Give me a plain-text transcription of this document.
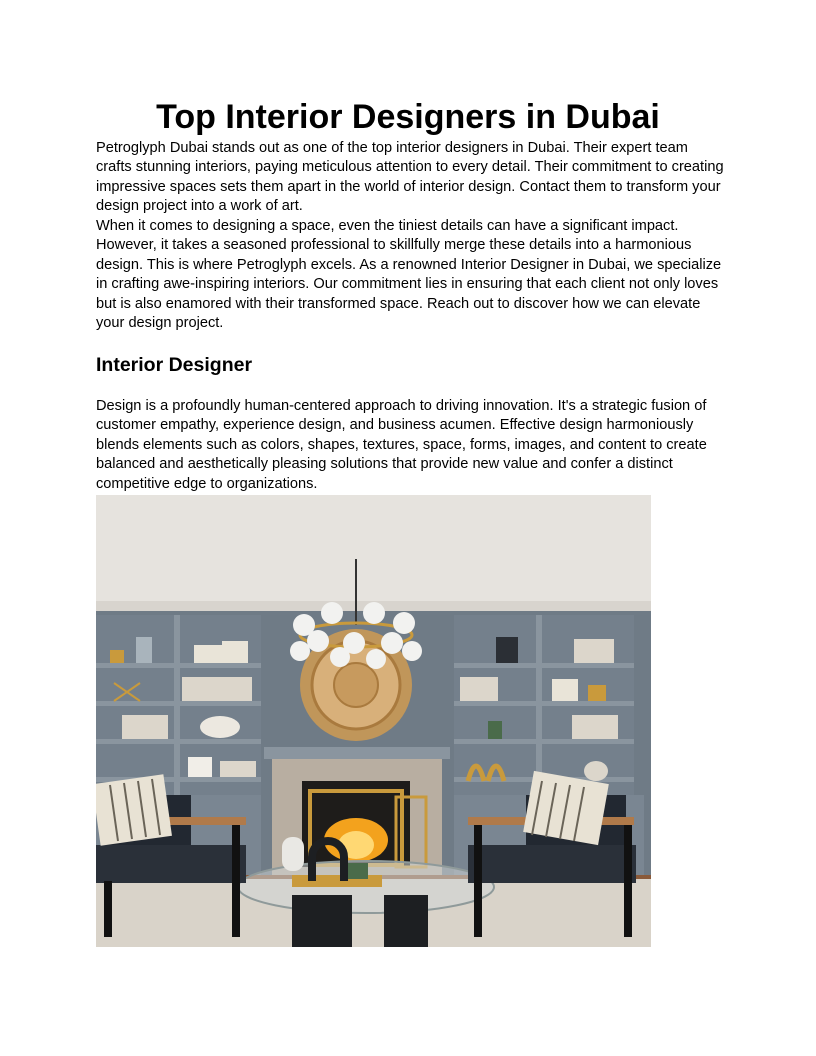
Top Interior Designers in Dubai

Petroglyph Dubai stands out as one of the top interior designers in Dubai. Their expert team crafts stunning interiors, paying meticulous attention to every detail. Their commitment to creating impressive spaces sets them apart in the world of interior design. Contact them to transform your design project into a work of art.

When it comes to designing a space, even the tiniest details can have a significant impact. However, it takes a seasoned professional to skillfully merge these details into a harmonious design. This is where Petroglyph excels. As a renowned Interior Designer in Dubai, we specialize in crafting awe-inspiring interiors. Our commitment lies in ensuring that each client not only loves but is also enamored with their transformed space. Reach out to discover how we can elevate your design project.

Interior Designer

Design is a profoundly human-centered approach to driving innovation. It's a strategic fusion of customer empathy, experience design, and business acumen. Effective design harmoniously blends elements such as colors, shapes, textures, space, forms, images, and content to create balanced and aesthetically pleasing solutions that provide new value and confer a distinct competitive edge to organizations.
